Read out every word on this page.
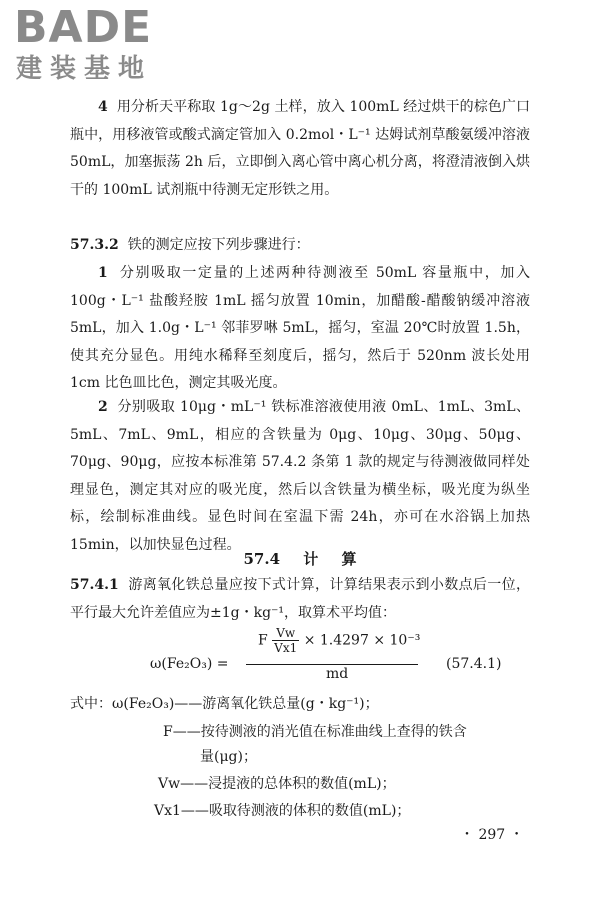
BADE
建装基地
4 用分析天平称取 1g～2g 土样，放入 100mL 经过烘干的棕色广口瓶中，用移液管或酸式滴定管加入 0.2mol・L⁻¹ 达姆试剂草酸氨缓冲溶液 50mL，加塞振荡 2h 后，立即倒入离心管中离心机分离，将澄清液倒入烘干的 100mL 试剂瓶中待测无定形铁之用。
57.3.2 铁的测定应按下列步骤进行：
1 分别吸取一定量的上述两种待测液至 50mL 容量瓶中，加入 100g・L⁻¹ 盐酸羟胺 1mL 摇匀放置 10min，加醋酸-醋酸钠缓冲溶液 5mL，加入 1.0g・L⁻¹ 邻菲罗啉 5mL，摇匀，室温 20℃时放置 1.5h，使其充分显色。用纯水稀释至刻度后，摇匀，然后于 520nm 波长处用 1cm 比色皿比色，测定其吸光度。
2 分别吸取 10μg・mL⁻¹ 铁标准溶液使用液 0mL、1mL、3mL、5mL、7mL、9mL，相应的含铁量为 0μg、10μg、30μg、50μg、70μg、90μg，应按本标准第 57.4.2 条第 1 款的规定与待测液做同样处理显色，测定其对应的吸光度，然后以含铁量为横坐标，吸光度为纵坐标，绘制标准曲线。显色时间在室温下需 24h，亦可在水浴锅上加热 15min，以加快显色过程。
57.4 计 算
57.4.1 游离氧化铁总量应按下式计算，计算结果表示到小数点后一位，平行最大允许差值应为±1g・kg⁻¹，取算术平均值：
ω(Fe₂O₃) =
F $\frac{Vw}{Vx1} \times 1.4297 \times 10^{-3}$
md
(57.4.1)
式中：ω(Fe₂O₃)——游离氧化铁总量(g・kg⁻¹)；
F——按待测液的消光值在标准曲线上查得的铁含
量(μg)；
Vw——浸提液的总体积的数值(mL)；
Vx1——吸取待测液的体积的数值(mL)；
・ 297 ・
